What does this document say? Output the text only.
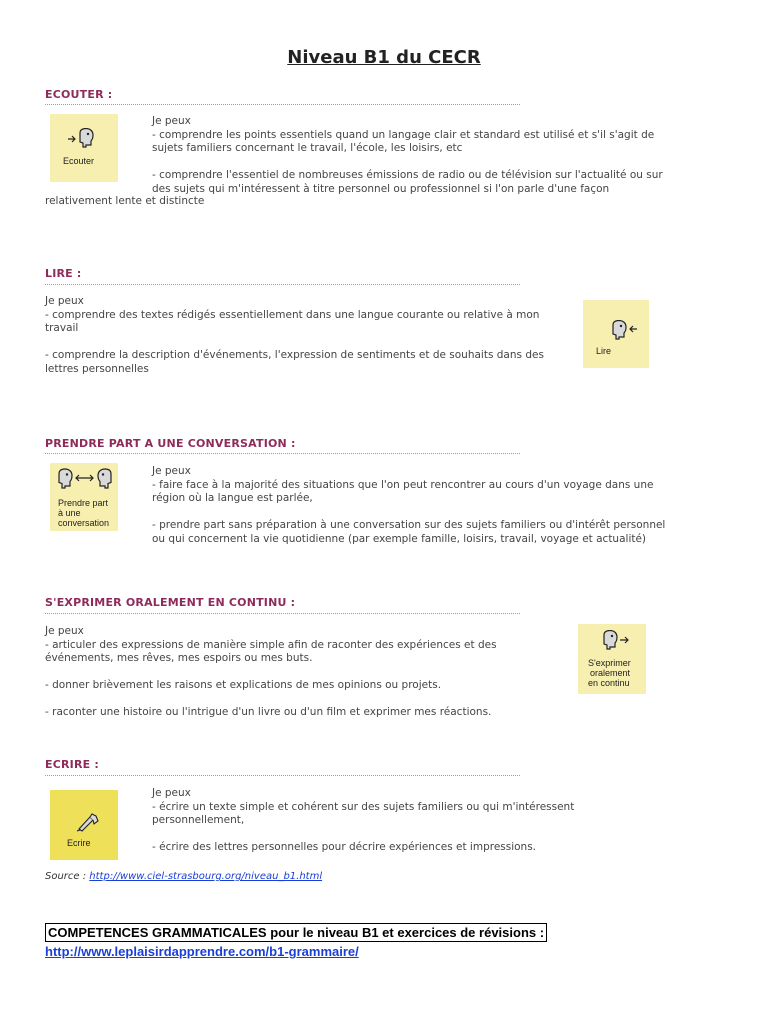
Niveau B1 du CECR
ECOUTER :
Ecouter

Je peux

- comprendre les points essentiels quand un langage clair et standard est utilisé et s'il s'agit de

sujets familiers concernant le travail, l'école, les loisirs, etc

- comprendre l'essentiel de nombreuses émissions de radio ou de télévision sur l'actualité ou sur

des sujets qui m'intéressent à titre personnel ou professionnel si l'on parle d'une façon

relativement lente et distincte

LIRE :

Je peux

- comprendre des textes rédigés essentiellement dans une langue courante ou relative à mon

travail

- comprendre la description d'événements, l'expression de sentiments et de souhaits dans des

lettres personnelles

Lire
PRENDRE PART A UNE CONVERSATION :
Prendre part
à une
conversation

Je peux

- faire face à la majorité des situations que l'on peut rencontrer au cours d'un voyage dans une

région où la langue est parlée,

- prendre part sans préparation à une conversation sur des sujets familiers ou d'intérêt personnel

ou qui concernent la vie quotidienne (par exemple famille, loisirs, travail, voyage et actualité)

S'EXPRIMER ORALEMENT EN CONTINU :

Je peux

- articuler des expressions de manière simple afin de raconter des expériences et des

événements, mes rêves, mes espoirs ou mes buts.

- donner brièvement les raisons et explications de mes opinions ou projets.

- raconter une histoire ou l'intrigue d'un livre ou d'un film et exprimer mes réactions.

S'exprimer
oralement
en continu
ECRIRE :
Ecrire

Je peux

- écrire un texte simple et cohérent sur des sujets familiers ou qui m'intéressent

personnellement,

- écrire des lettres personnelles pour décrire expériences et impressions.

Source : http://www.ciel-strasbourg.org/niveau_b1.html

COMPETENCES GRAMMATICALES pour le niveau B1 et exercices de révisions :

http://www.leplaisirdapprendre.com/b1-grammaire/
